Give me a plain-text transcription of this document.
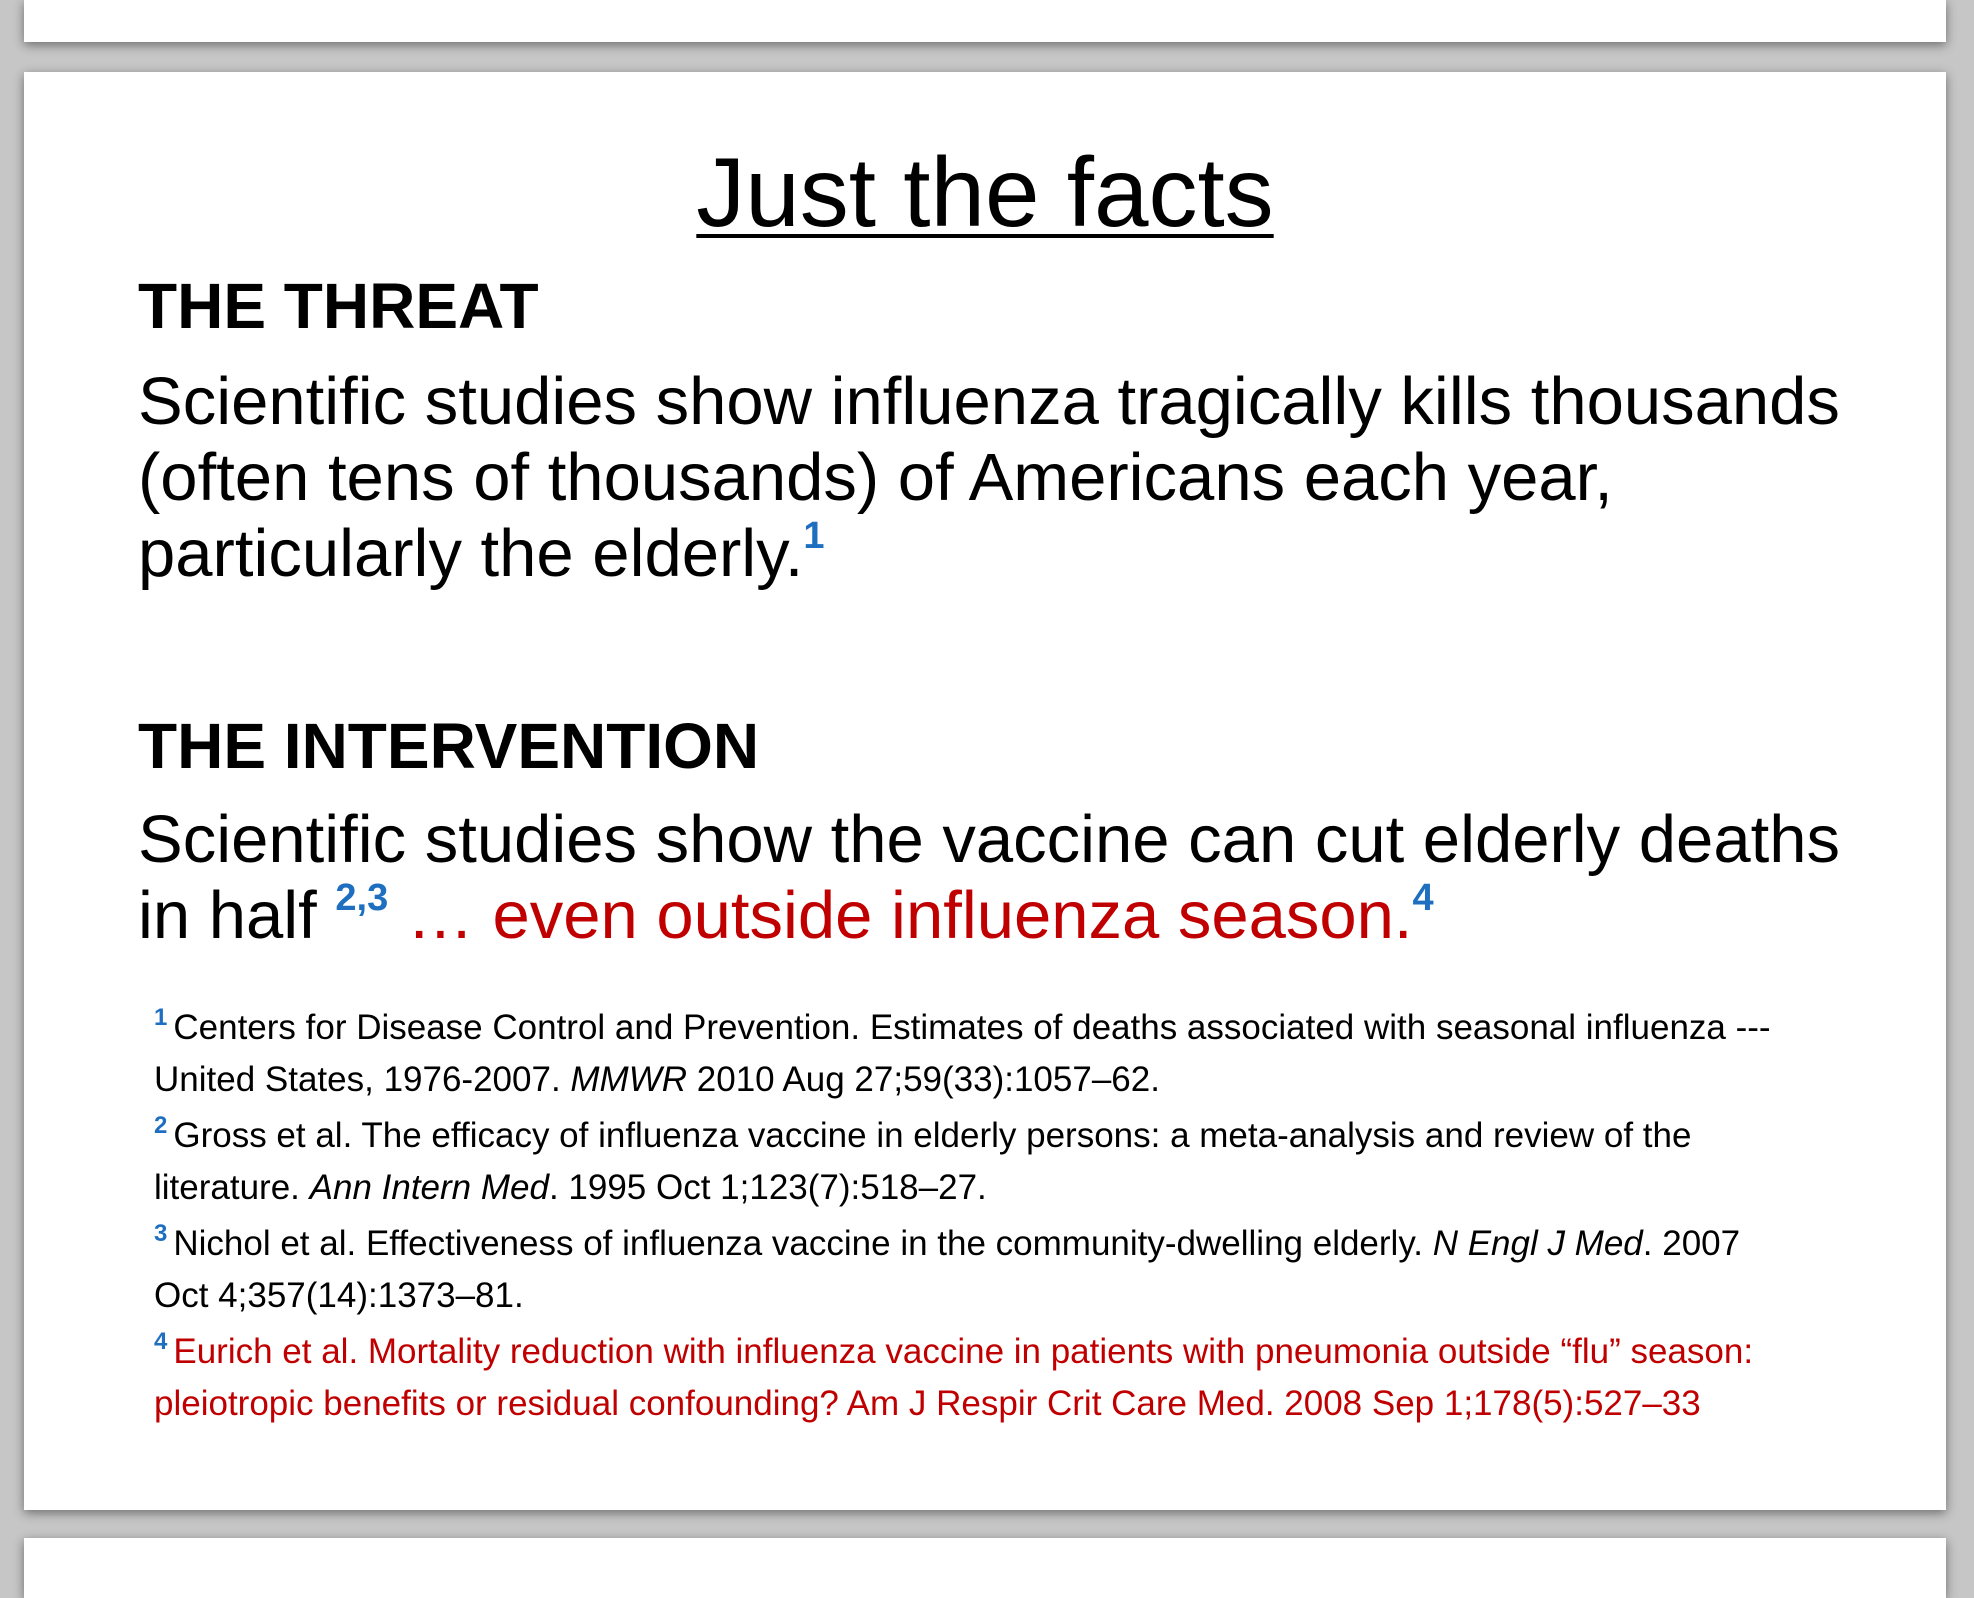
Just the facts
THE THREAT

Scientific studies show influenza tragically kills thousands (often tens of thousands) of Americans each year, particularly the elderly.$^1$

THE INTERVENTION

Scientific studies show the vaccine can cut elderly deaths in half $^{2,3}$ … even outside influenza season.$^4$

$^1$ Centers for Disease Control and Prevention. Estimates of deaths associated with seasonal influenza --- United States, 1976-2007. MMWR 2010 Aug 27;59(33):1057–62.
$^2$ Gross et al. The efficacy of influenza vaccine in elderly persons: a meta-analysis and review of the literature. Ann Intern Med. 1995 Oct 1;123(7):518–27.
$^3$ Nichol et al. Effectiveness of influenza vaccine in the community-dwelling elderly. N Engl J Med. 2007 Oct 4;357(14):1373–81.
$^4$ Eurich et al. Mortality reduction with influenza vaccine in patients with pneumonia outside “flu” season: pleiotropic benefits or residual confounding? Am J Respir Crit Care Med. 2008 Sep 1;178(5):527–33
